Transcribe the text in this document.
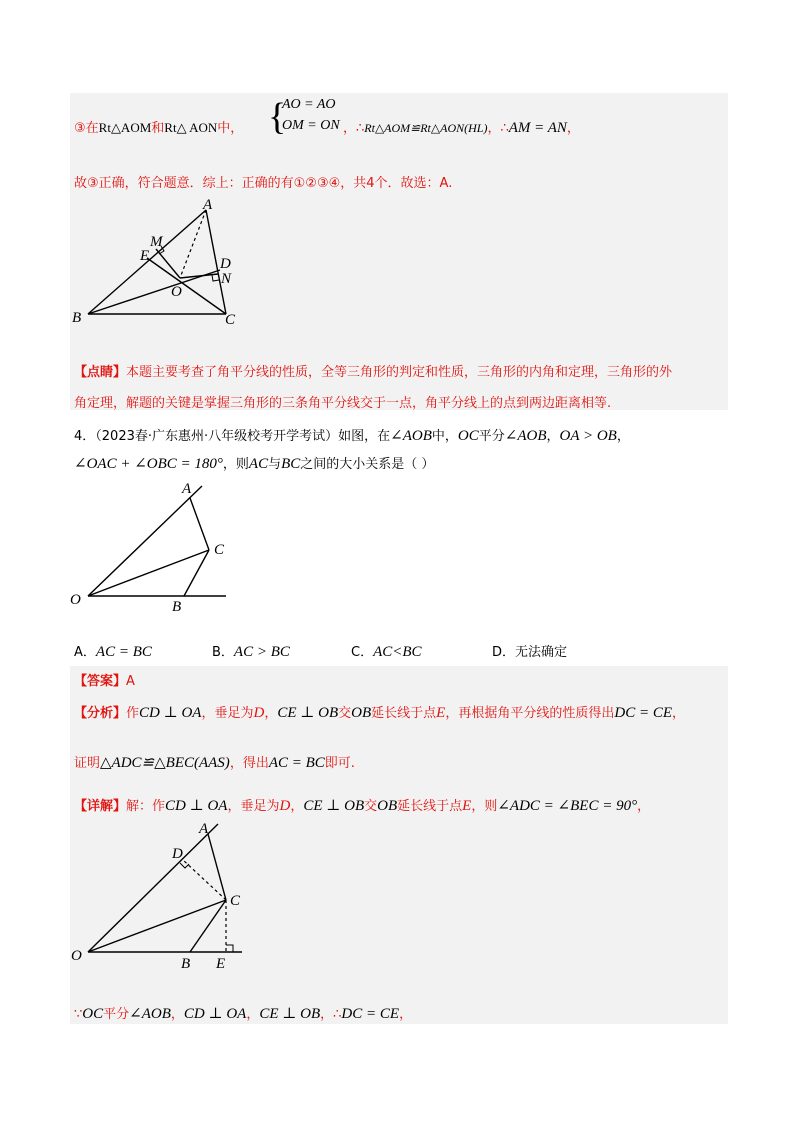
③在Rt△AOM和Rt△ AON中， {
AO = AO
OM = ON ，∴Rt△AOM≌Rt△AON(HL)，∴AM = AN，
故③正确，符合题意．综上：正确的有①②③④，共4个．故选：A.
A
M
E	D
N
O
B	C
【点睛】本题主要考查了角平分线的性质，全等三角形的判定和性质，三角形的内角和定理，三角形的外
角定理，解题的关键是掌握三角形的三条角平分线交于一点，角平分线上的点到两边距离相等.
4．（2023春·广东惠州·八年级校考开学考试）如图，在∠AOB中，OC平分∠AOB，OA > OB，
∠OAC + ∠OBC = 180°，则AC与BC之间的大小关系是（ ）
A
C
O	B
A．AC = BC	B．AC > BC	C．AC<BC	D．无法确定
【答案】A
【分析】作CD ⊥ OA，垂足为D，CE ⊥ OB交OB延长线于点E，再根据角平分线的性质得出DC = CE，
证明△ADC≌△BEC(AAS)，得出AC = BC即可.
【详解】解：作CD ⊥ OA，垂足为D，CE ⊥ OB交OB延长线于点E，则∠ADC = ∠BEC = 90°，
A
D
C
O	B E
∵OC平分∠AOB，CD ⊥ OA，CE ⊥ OB，∴DC = CE，
